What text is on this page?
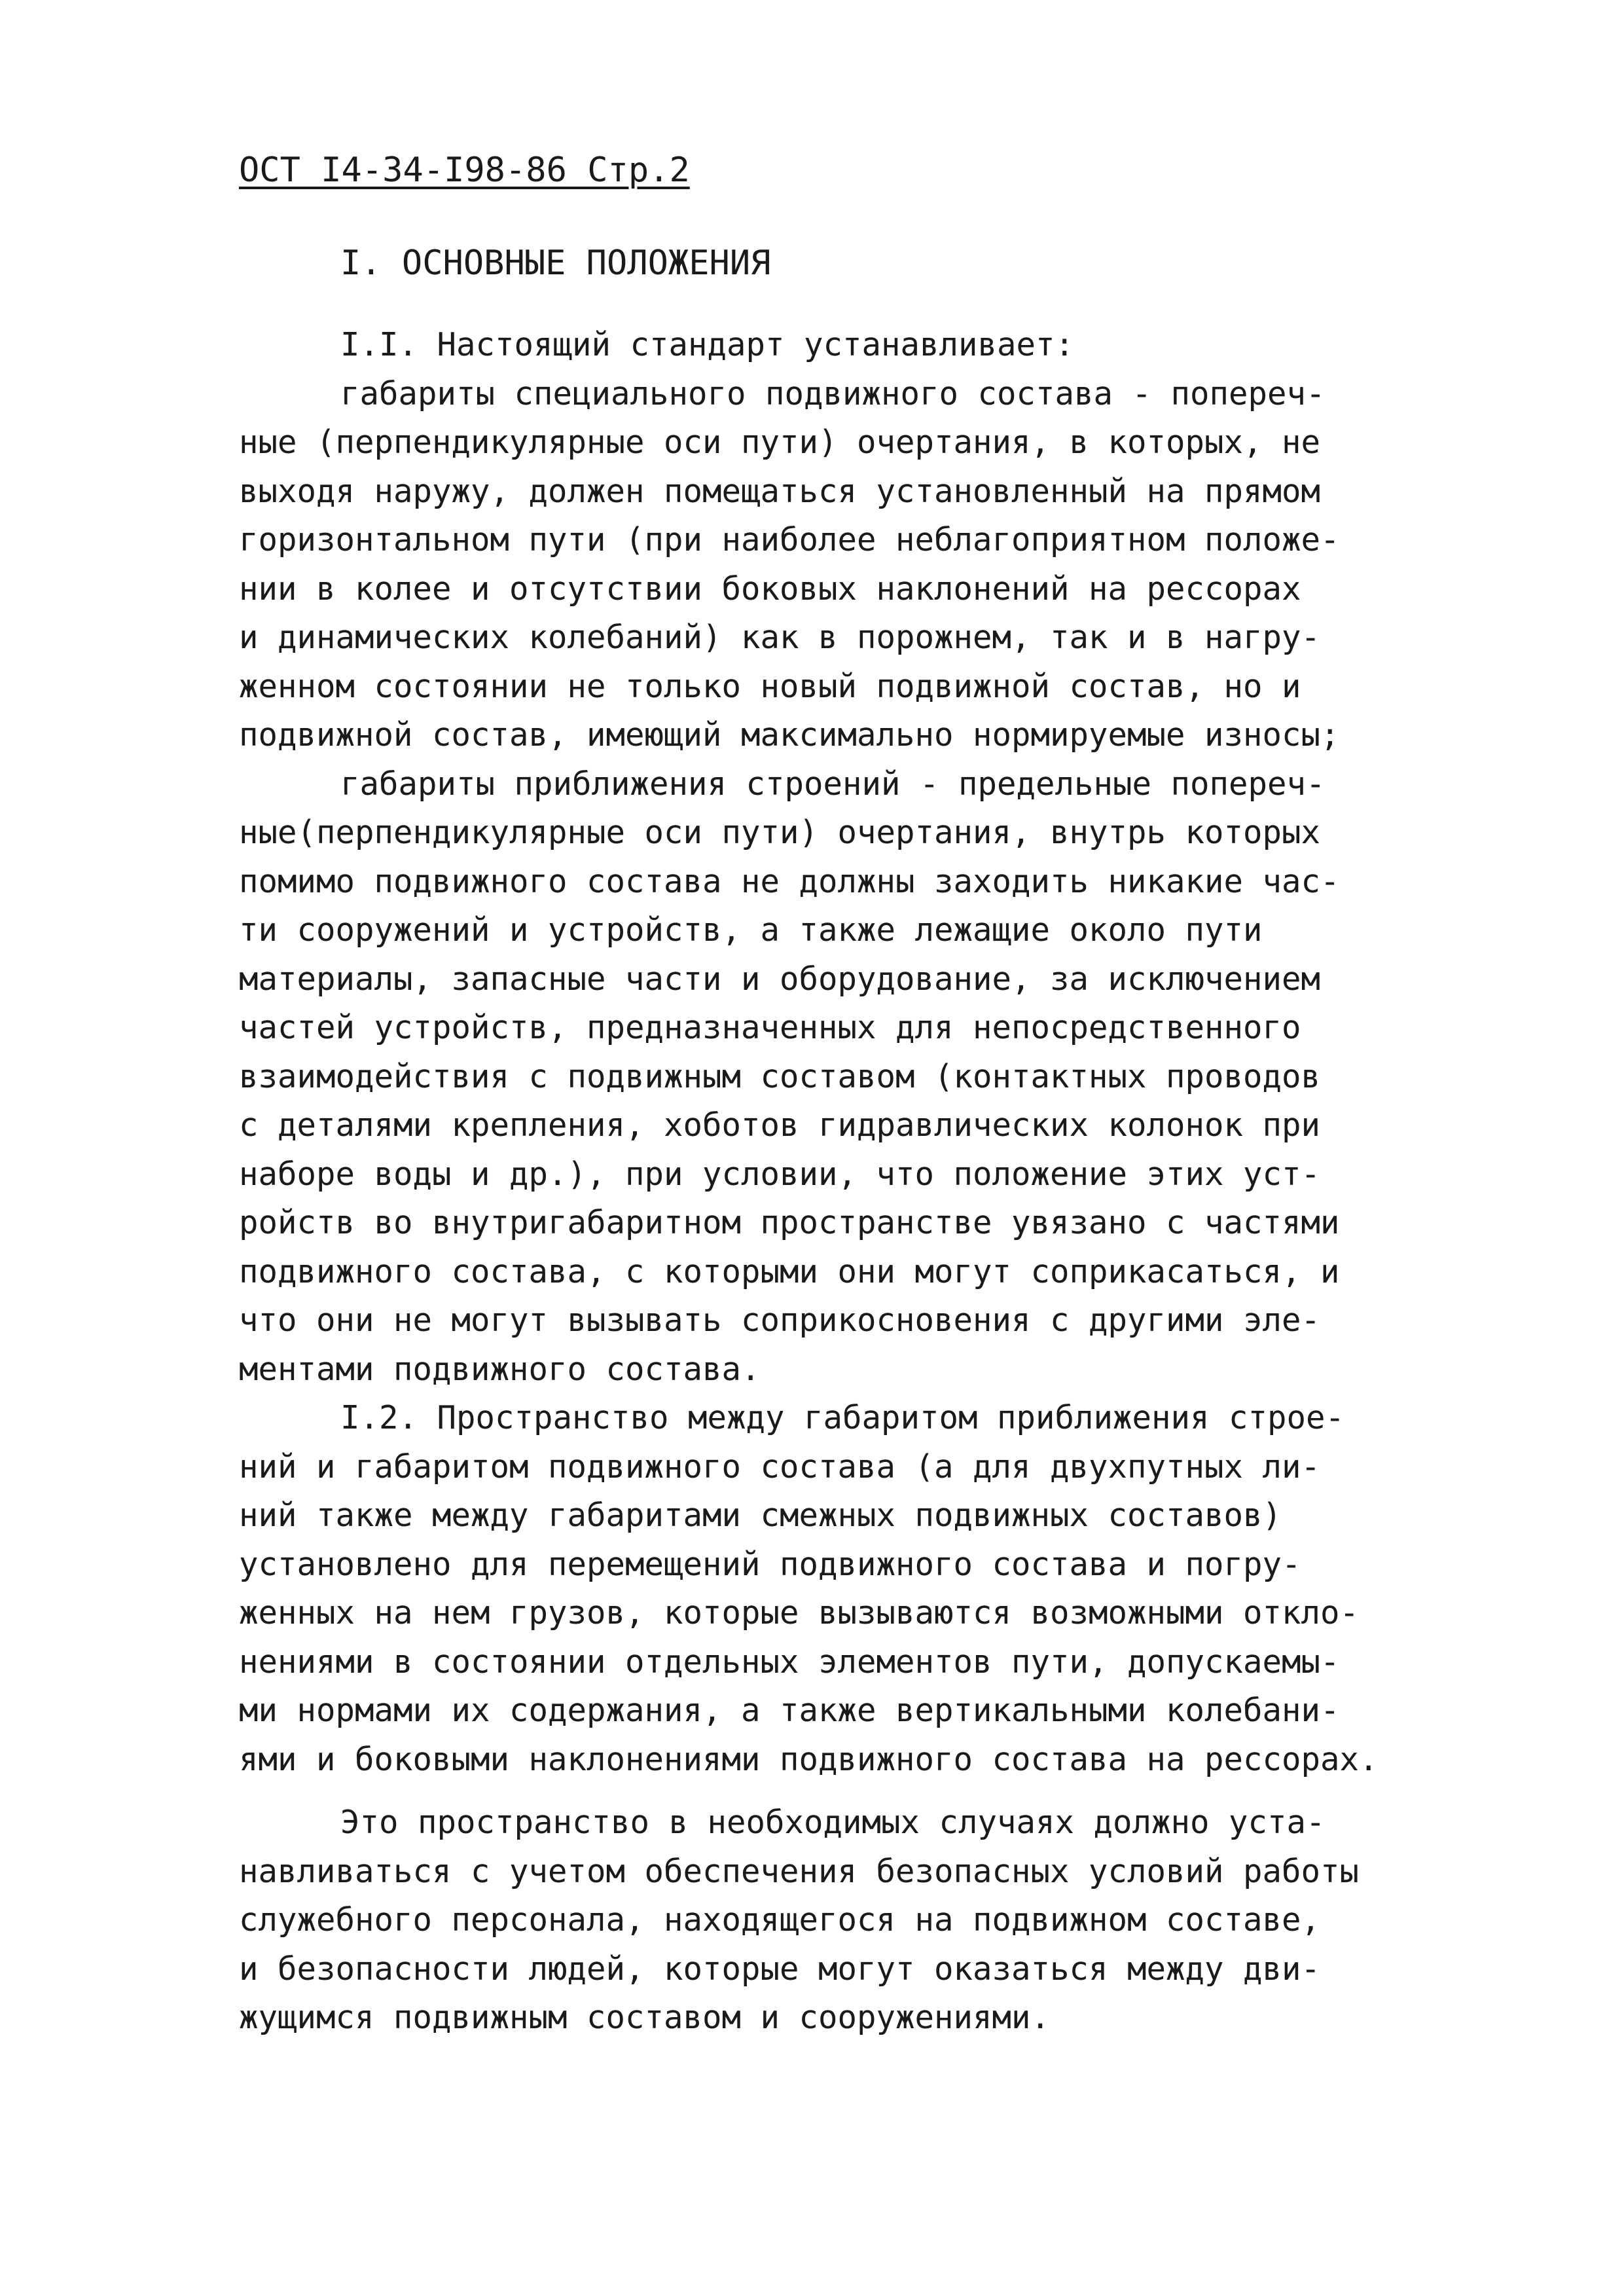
ОСТ I4-34-I98-86 Стр.2
I. ОСНОВНЫЕ ПОЛОЖЕНИЯ
I.I. Настоящий стандарт устанавливает:
габариты специального подвижного состава - попереч-
ные (перпендикулярные оси пути) очертания, в которых, не
выходя наружу, должен помещаться установленный на прямом
горизонтальном пути (при наиболее неблагоприятном положе-
нии в колее и отсутствии боковых наклонений на рессорах
и динамических колебаний) как в порожнем, так и в нагру-
женном состоянии не только новый подвижной состав, но и
подвижной состав, имеющий максимально нормируемые износы;
габариты приближения строений - предельные попереч-
ные(перпендикулярные оси пути) очертания, внутрь которых
помимо подвижного состава не должны заходить никакие час-
ти сооружений и устройств, а также лежащие около пути
материалы, запасные части и оборудование, за исключением
частей устройств, предназначенных для непосредственного
взаимодействия с подвижным составом (контактных проводов
с деталями крепления, хоботов гидравлических колонок при
наборе воды и др.), при условии, что положение этих уст-
ройств во внутригабаритном пространстве увязано с частями
подвижного состава, с которыми они могут соприкасаться, и
что они не могут вызывать соприкосновения с другими эле-
ментами подвижного состава.
I.2. Пространство между габаритом приближения строе-
ний и габаритом подвижного состава (а для двухпутных ли-
ний также между габаритами смежных подвижных составов)
установлено для перемещений подвижного состава и погру-
женных на нем грузов, которые вызываются возможными откло-
нениями в состоянии отдельных элементов пути, допускаемы-
ми нормами их содержания, а также вертикальными колебани-
ями и боковыми наклонениями подвижного состава на рессорах.
Это пространство в необходимых случаях должно уста-
навливаться с учетом обеспечения безопасных условий работы
служебного персонала, находящегося на подвижном составе,
и безопасности людей, которые могут оказаться между дви-
жущимся подвижным составом и сооружениями.
